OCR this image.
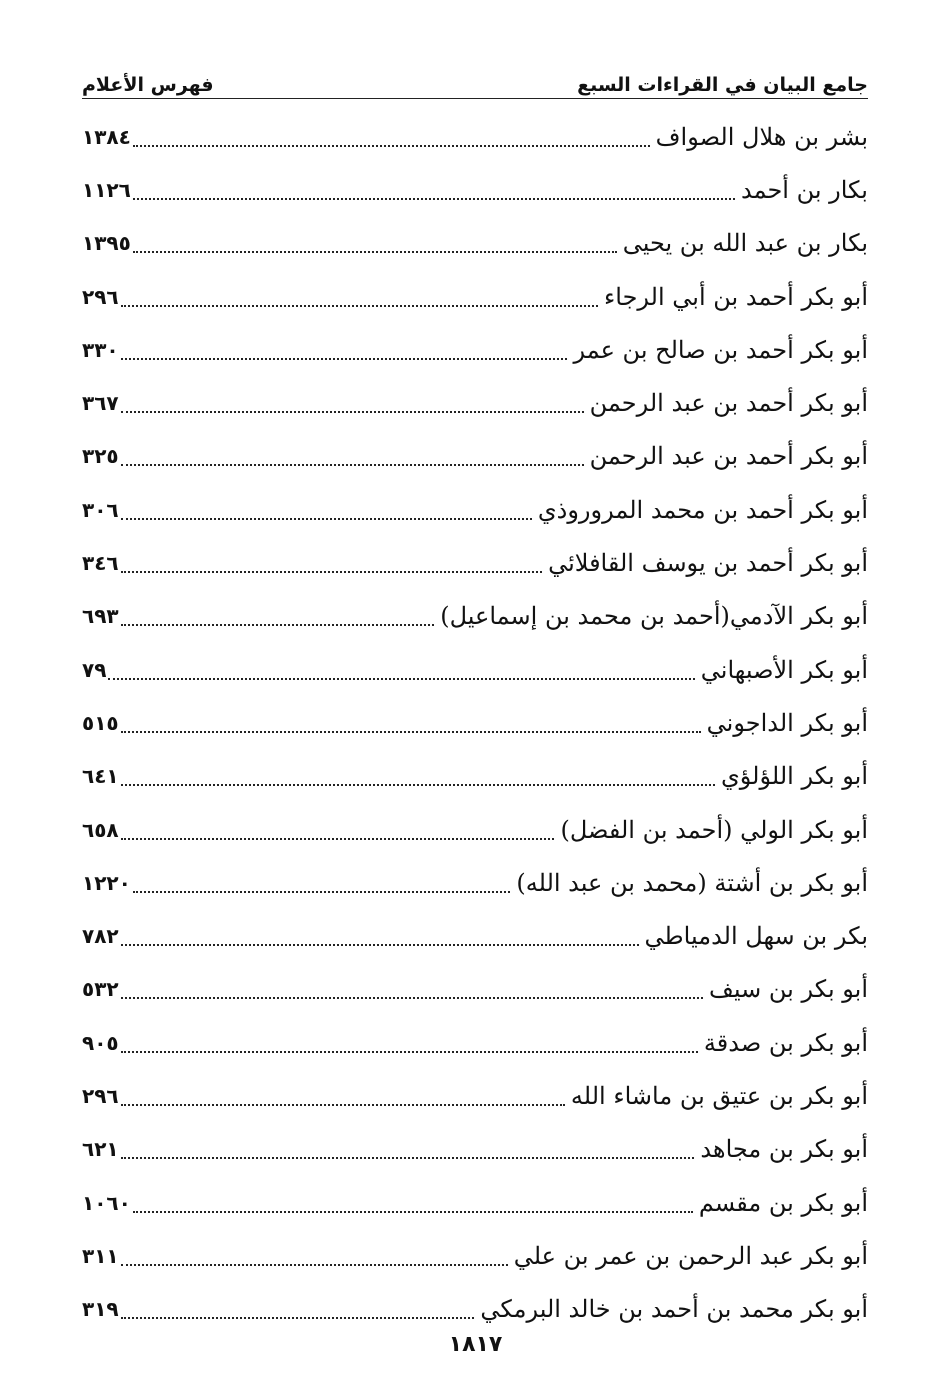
جامع البيان في القراءات السبع
فهرس الأعلام
بشر بن هلال الصواف
١٣٨٤
بكار بن أحمد
١١٢٦
بكار بن عبد الله بن يحيى
١٣٩٥
أبو بكر أحمد بن أبي الرجاء
٢٩٦
أبو بكر أحمد بن صالح بن عمر
٣٣٠
أبو بكر أحمد بن عبد الرحمن
٣٦٧
أبو بكر أحمد بن عبد الرحمن
٣٢٥
أبو بكر أحمد بن محمد المروروذي
٣٠٦
أبو بكر أحمد بن يوسف القافلائي
٣٤٦
أبو بكر الآدمي(أحمد بن محمد بن إسماعيل)
٦٩٣
أبو بكر الأصبهاني
٧٩
أبو بكر الداجوني
٥١٥
أبو بكر اللؤلؤي
٦٤١
أبو بكر الولي (أحمد بن الفضل)
٦٥٨
أبو بكر بن أشتة (محمد بن عبد الله)
١٢٢٠
بكر بن سهل الدمياطي
٧٨٢
أبو بكر بن سيف
٥٣٢
أبو بكر بن صدقة
٩٠٥
أبو بكر بن عتيق بن ماشاء الله
٢٩٦
أبو بكر بن مجاهد
٦٢١
أبو بكر بن مقسم
١٠٦٠
أبو بكر عبد الرحمن بن عمر بن علي
٣١١
أبو بكر محمد بن أحمد بن خالد البرمكي
٣١٩
١٨١٧
